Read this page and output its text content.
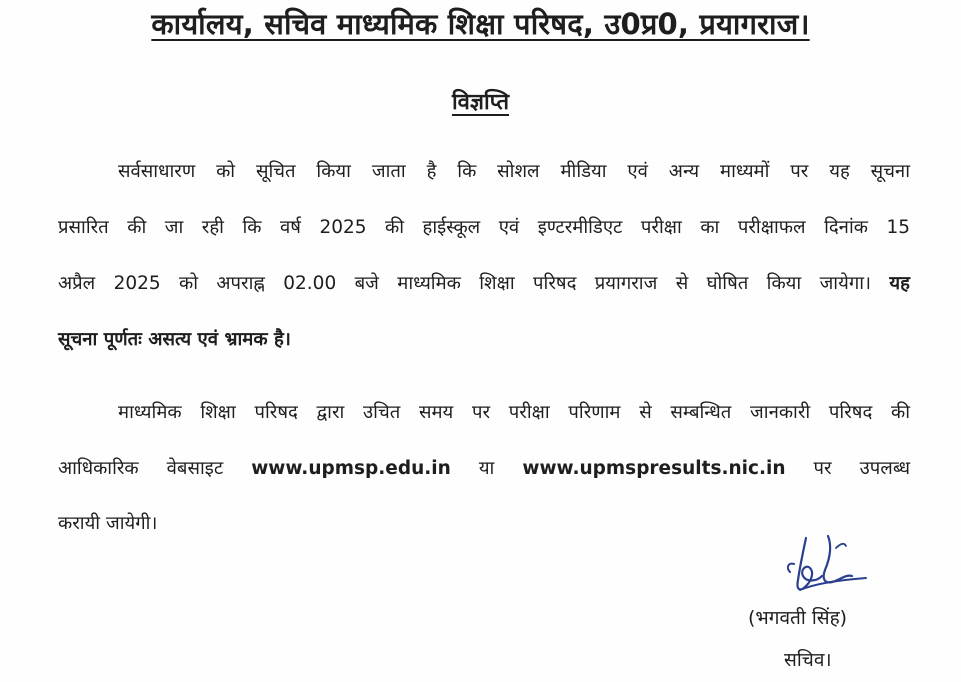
कार्यालय, सचिव माध्यमिक शिक्षा परिषद, उ0प्र0, प्रयागराज।
विज्ञप्ति
सर्वसाधारण को सूचित किया जाता है कि सोशल मीडिया एवं अन्य माध्यमों पर यह सूचना
प्रसारित की जा रही कि वर्ष 2025 की हाईस्कूल एवं इण्टरमीडिएट परीक्षा का परीक्षाफल दिनांक 15
अप्रैल 2025 को अपराह्न 02.00 बजे माध्यमिक शिक्षा परिषद प्रयागराज से घोषित किया जायेगा। यह
सूचना पूर्णतः असत्य एवं भ्रामक है।
माध्यमिक शिक्षा परिषद द्वारा उचित समय पर परीक्षा परिणाम से सम्बन्धित जानकारी परिषद की
आधिकारिक वेबसाइट www.upmsp.edu.in या www.upmspresults.nic.in पर उपलब्ध
करायी जायेगी।
(भगवती सिंह)
सचिव।
